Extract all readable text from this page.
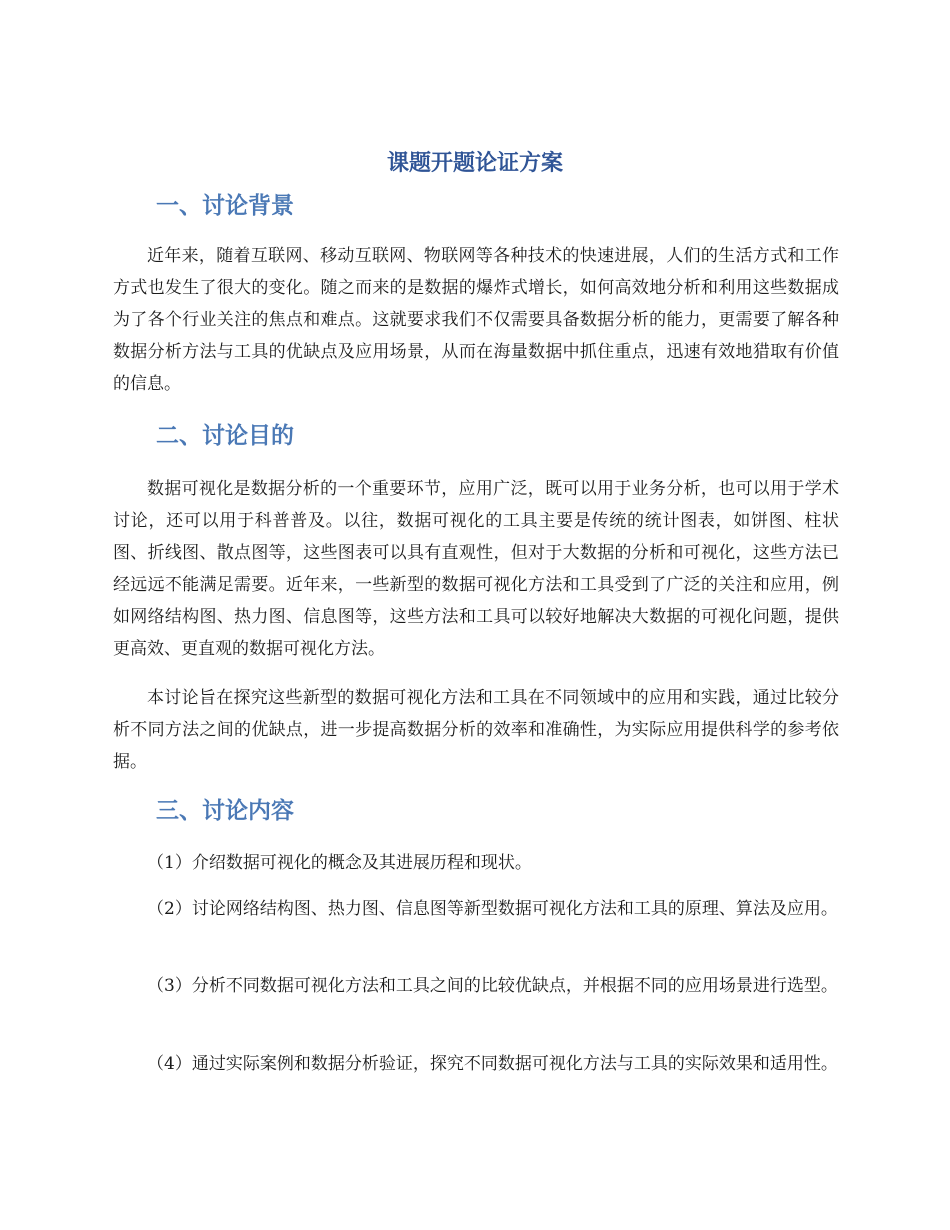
课题开题论证方案
一、讨论背景

近年来，随着互联网、移动互联网、物联网等各种技术的快速进展，人们的生活方式和工作方式也发生了很大的变化。随之而来的是数据的爆炸式增长，如何高效地分析和利用这些数据成为了各个行业关注的焦点和难点。这就要求我们不仅需要具备数据分析的能力，更需要了解各种数据分析方法与工具的优缺点及应用场景，从而在海量数据中抓住重点，迅速有效地猎取有价值的信息。

二、讨论目的

数据可视化是数据分析的一个重要环节，应用广泛，既可以用于业务分析，也可以用于学术讨论，还可以用于科普普及。以往，数据可视化的工具主要是传统的统计图表，如饼图、柱状图、折线图、散点图等，这些图表可以具有直观性，但对于大数据的分析和可视化，这些方法已经远远不能满足需要。近年来，一些新型的数据可视化方法和工具受到了广泛的关注和应用，例如网络结构图、热力图、信息图等，这些方法和工具可以较好地解决大数据的可视化问题，提供更高效、更直观的数据可视化方法。

本讨论旨在探究这些新型的数据可视化方法和工具在不同领域中的应用和实践，通过比较分析不同方法之间的优缺点，进一步提高数据分析的效率和准确性，为实际应用提供科学的参考依据。

三、讨论内容

（1）介绍数据可视化的概念及其进展历程和现状。

（2）讨论网络结构图、热力图、信息图等新型数据可视化方法和工具的原理、算法及应用。

（3）分析不同数据可视化方法和工具之间的比较优缺点，并根据不同的应用场景进行选型。

（4）通过实际案例和数据分析验证，探究不同数据可视化方法与工具的实际效果和适用性。
